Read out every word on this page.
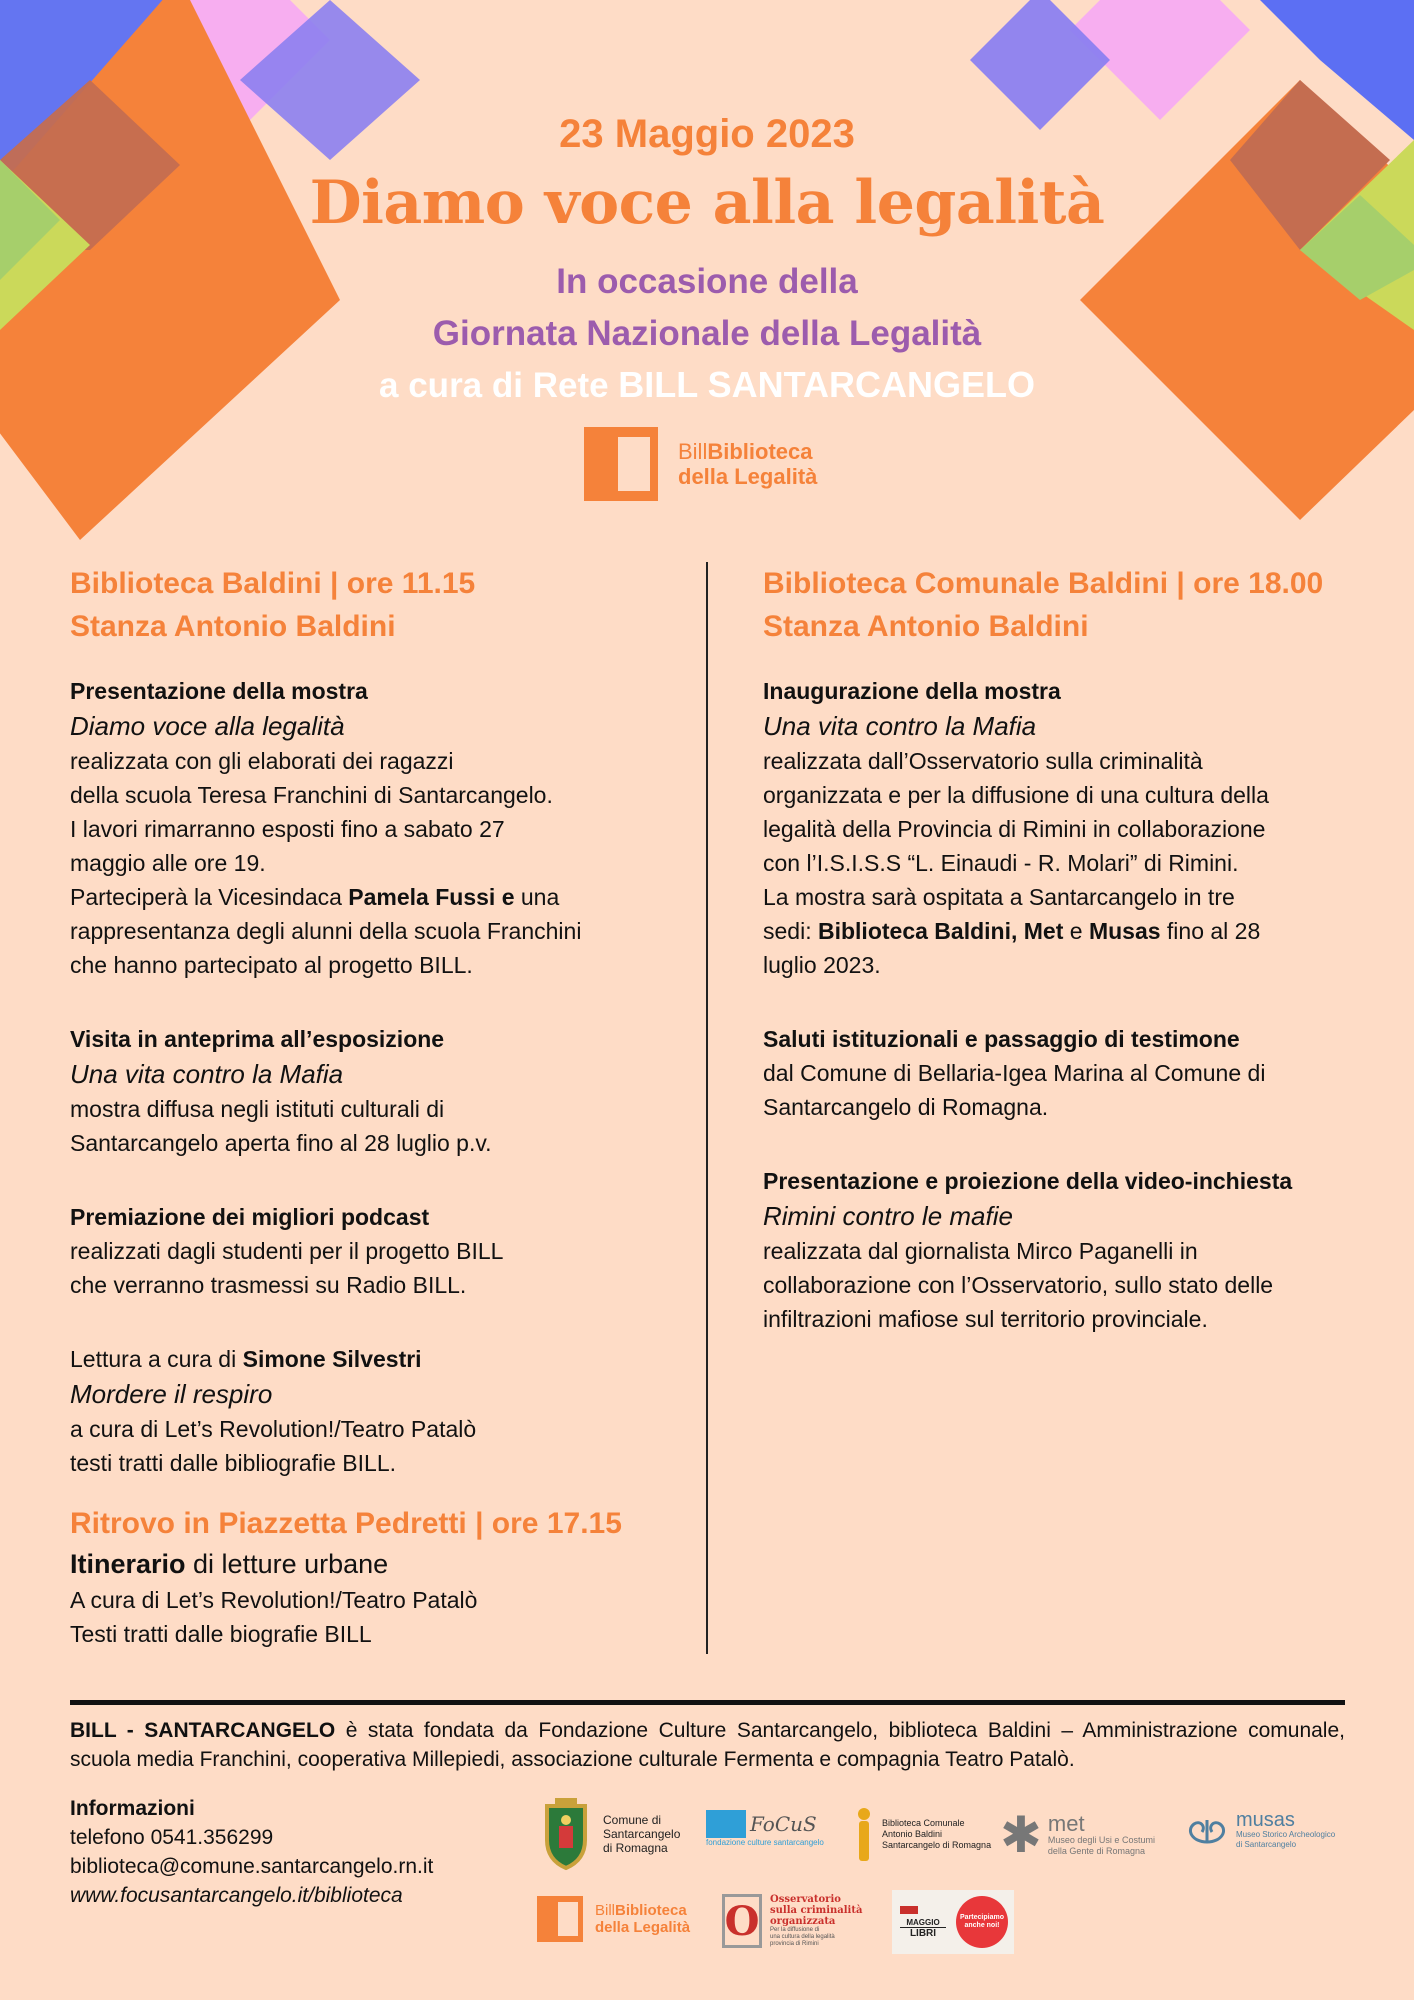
23 Maggio 2023
Diamo voce alla legalità
In occasione della
Giornata Nazionale della Legalità
a cura di Rete BILL SANTARCANGELO
BillBiblioteca
della Legalità
Biblioteca Baldini | ore 11.15
Stanza Antonio Baldini
Presentazione della mostra
Diamo voce alla legalità
realizzata con gli elaborati dei ragazzi
della scuola Teresa Franchini di Santarcangelo.
I lavori rimarranno esposti fino a sabato 27
maggio alle ore 19.
Parteciperà la Vicesindaca Pamela Fussi e una
rappresentanza degli alunni della scuola Franchini
che hanno partecipato al progetto BILL.
Visita in anteprima all’esposizione
Una vita contro la Mafia
mostra diffusa negli istituti culturali di
Santarcangelo aperta fino al 28 luglio p.v.
Premiazione dei migliori podcast
realizzati dagli studenti per il progetto BILL
che verranno trasmessi su Radio BILL.
Lettura a cura di Simone Silvestri
Mordere il respiro
a cura di Let’s Revolution!/Teatro Patalò
testi tratti dalle bibliografie BILL.
Ritrovo in Piazzetta Pedretti | ore 17.15
Itinerario di letture urbane
A cura di Let’s Revolution!/Teatro Patalò
Testi tratti dalle biografie BILL
Biblioteca Comunale Baldini | ore 18.00
Stanza Antonio Baldini
Inaugurazione della mostra
Una vita contro la Mafia
realizzata dall’Osservatorio sulla criminalità
organizzata e per la diffusione di una cultura della
legalità della Provincia di Rimini in collaborazione
con l’I.S.I.S.S “L. Einaudi - R. Molari” di Rimini.
La mostra sarà ospitata a Santarcangelo in tre
sedi: Biblioteca Baldini, Met e Musas fino al 28
luglio 2023.
Saluti istituzionali e passaggio di testimone
dal Comune di Bellaria-Igea Marina al Comune di
Santarcangelo di Romagna.
Presentazione e proiezione della video-inchiesta
Rimini contro le mafie
realizzata dal giornalista Mirco Paganelli in
collaborazione con l’Osservatorio, sullo stato delle
infiltrazioni mafiose sul territorio provinciale.
BILL - SANTARCANGELO è stata fondata da Fondazione Culture Santarcangelo, biblioteca Baldini – Amministrazione comunale, scuola media Franchini, cooperativa Millepiedi, associazione culturale Fermenta e compagnia Teatro Patalò.
Informazioni
telefono 0541.356299
biblioteca@comune.santarcangelo.rn.it
www.focusantarcangelo.it/biblioteca
Comune di
Santarcangelo
di Romagna
FoCuS
fondazione culture santarcangelo
Biblioteca Comunale
Antonio Baldini
Santarcangelo di Romagna ✱ met
Museo degli Usi e Costumi
della Gente di Romagna
musas
Museo Storico Archeologico
di Santarcangelo
BillBiblioteca
della Legalità O Osservatorio
sulla criminalità
organizzata
Per la diffusione di
una cultura della legalità
provincia di Rimini
MAGGIO
LIBRI
Partecipiamo
anche noi!
